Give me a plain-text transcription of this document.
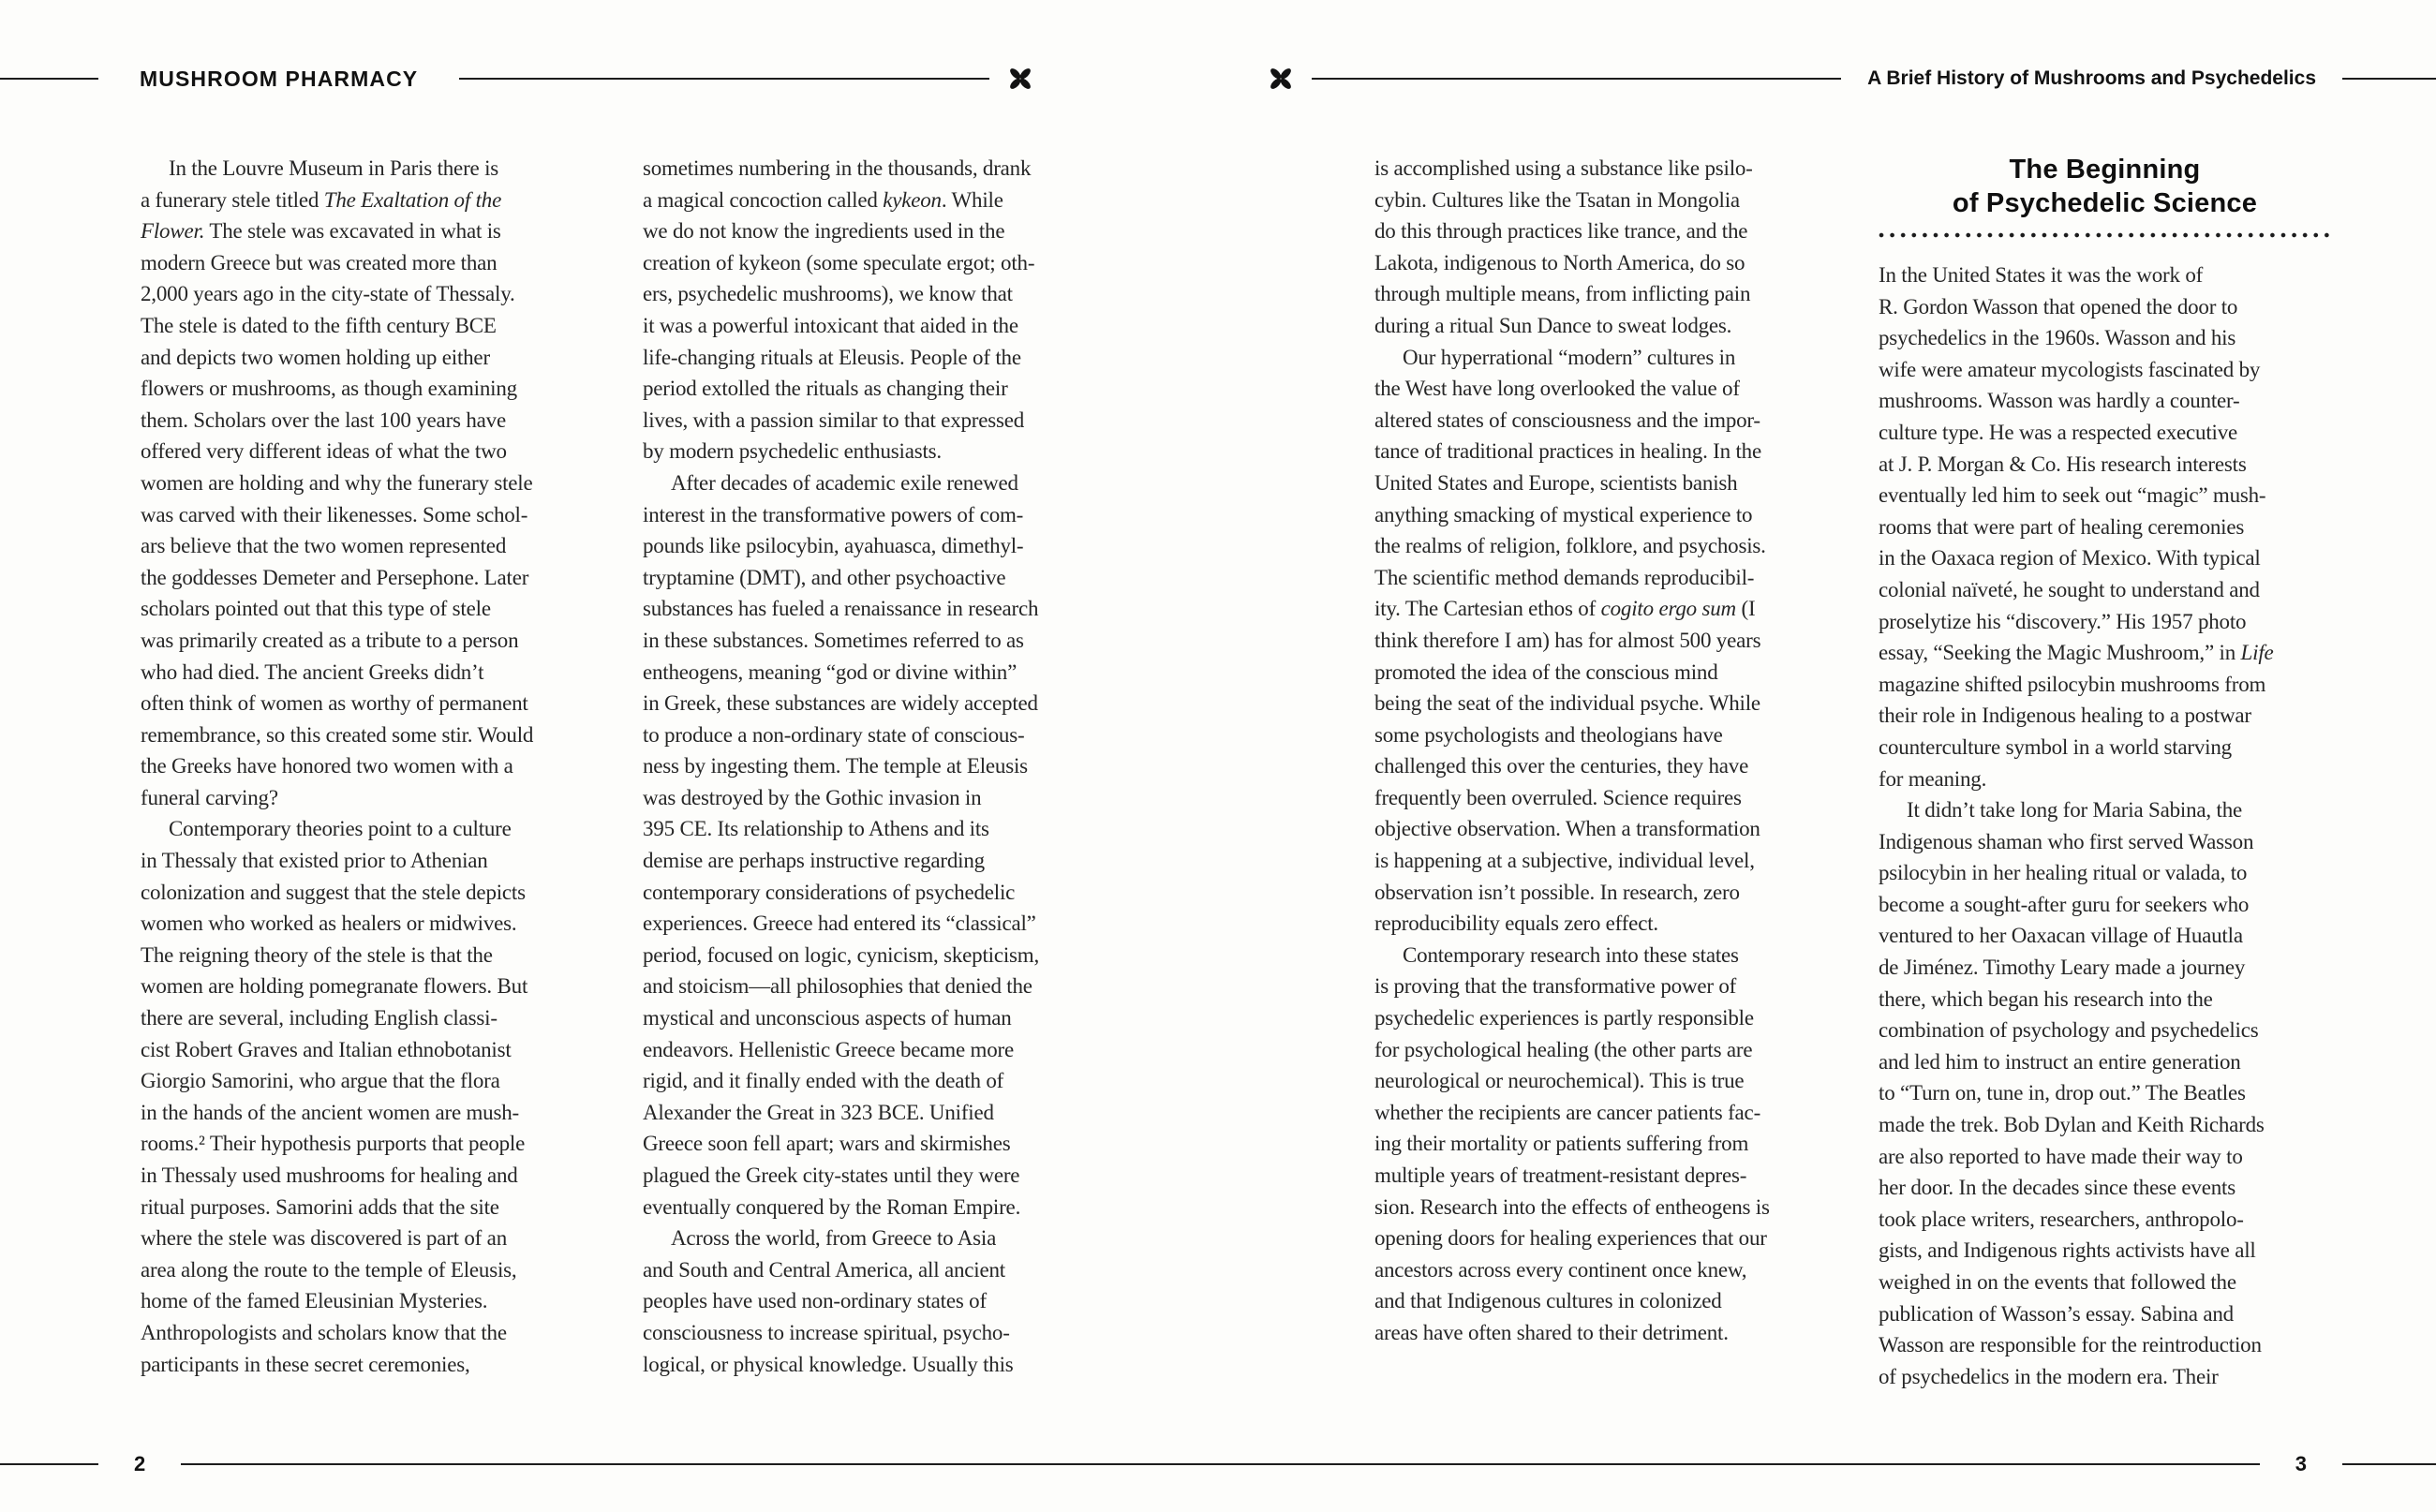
MUSHROOM PHARMACY	A Brief History of Mushrooms and Psychedelics
In the Louvre Museum in Paris there is
a funerary stele titled The Exaltation of the
Flower. The stele was excavated in what is
modern Greece but was created more than
2,000 years ago in the city-state of Thessaly.
The stele is dated to the fifth century BCE
and depicts two women holding up either
flowers or mushrooms, as though examining
them. Scholars over the last 100 years have
offered very different ideas of what the two
women are holding and why the funerary stele
was carved with their likenesses. Some schol-
ars believe that the two women represented
the goddesses Demeter and Persephone. Later
scholars pointed out that this type of stele
was primarily created as a tribute to a person
who had died. The ancient Greeks didn’t
often think of women as worthy of permanent
remembrance, so this created some stir. Would
the Greeks have honored two women with a
funeral carving?
Contemporary theories point to a culture
in Thessaly that existed prior to Athenian
colonization and suggest that the stele depicts
women who worked as healers or midwives.
The reigning theory of the stele is that the
women are holding pomegranate flowers. But
there are several, including English classi-
cist Robert Graves and Italian ethnobotanist
Giorgio Samorini, who argue that the flora
in the hands of the ancient women are mush-
rooms.² Their hypothesis purports that people
in Thessaly used mushrooms for healing and
ritual purposes. Samorini adds that the site
where the stele was discovered is part of an
area along the route to the temple of Eleusis,
home of the famed Eleusinian Mysteries.
Anthropologists and scholars know that the
participants in these secret ceremonies,
sometimes numbering in the thousands, drank
a magical concoction called kykeon. While
we do not know the ingredients used in the
creation of kykeon (some speculate ergot; oth-
ers, psychedelic mushrooms), we know that
it was a powerful intoxicant that aided in the
life-changing rituals at Eleusis. People of the
period extolled the rituals as changing their
lives, with a passion similar to that expressed
by modern psychedelic enthusiasts.
After decades of academic exile renewed
interest in the transformative powers of com-
pounds like psilocybin, ayahuasca, dimethyl-
tryptamine (DMT), and other psychoactive
substances has fueled a renaissance in research
in these substances. Sometimes referred to as
entheogens, meaning “god or divine within”
in Greek, these substances are widely accepted
to produce a non-ordinary state of conscious-
ness by ingesting them. The temple at Eleusis
was destroyed by the Gothic invasion in
395 CE. Its relationship to Athens and its
demise are perhaps instructive regarding
contemporary considerations of psychedelic
experiences. Greece had entered its “classical”
period, focused on logic, cynicism, skepticism,
and stoicism—all philosophies that denied the
mystical and unconscious aspects of human
endeavors. Hellenistic Greece became more
rigid, and it finally ended with the death of
Alexander the Great in 323 BCE. Unified
Greece soon fell apart; wars and skirmishes
plagued the Greek city-states until they were
eventually conquered by the Roman Empire.
Across the world, from Greece to Asia
and South and Central America, all ancient
peoples have used non-ordinary states of
consciousness to increase spiritual, psycho-
logical, or physical knowledge. Usually this
is accomplished using a substance like psilo-
cybin. Cultures like the Tsatan in Mongolia
do this through practices like trance, and the
Lakota, indigenous to North America, do so
through multiple means, from inflicting pain
during a ritual Sun Dance to sweat lodges.
Our hyperrational “modern” cultures in
the West have long overlooked the value of
altered states of consciousness and the impor-
tance of traditional practices in healing. In the
United States and Europe, scientists banish
anything smacking of mystical experience to
the realms of religion, folklore, and psychosis.
The scientific method demands reproducibil-
ity. The Cartesian ethos of cogito ergo sum (I
think therefore I am) has for almost 500 years
promoted the idea of the conscious mind
being the seat of the individual psyche. While
some psychologists and theologians have
challenged this over the centuries, they have
frequently been overruled. Science requires
objective observation. When a transformation
is happening at a subjective, individual level,
observation isn’t possible. In research, zero
reproducibility equals zero effect.
Contemporary research into these states
is proving that the transformative power of
psychedelic experiences is partly responsible
for psychological healing (the other parts are
neurological or neurochemical). This is true
whether the recipients are cancer patients fac-
ing their mortality or patients suffering from
multiple years of treatment-resistant depres-
sion. Research into the effects of entheogens is
opening doors for healing experiences that our
ancestors across every continent once knew,
and that Indigenous cultures in colonized
areas have often shared to their detriment.
The Beginning
of Psychedelic Science
In the United States it was the work of
R. Gordon Wasson that opened the door to
psychedelics in the 1960s. Wasson and his
wife were amateur mycologists fascinated by
mushrooms. Wasson was hardly a counter-
culture type. He was a respected executive
at J. P. Morgan & Co. His research interests
eventually led him to seek out “magic” mush-
rooms that were part of healing ceremonies
in the Oaxaca region of Mexico. With typical
colonial naïveté, he sought to understand and
proselytize his “discovery.” His 1957 photo
essay, “Seeking the Magic Mushroom,” in Life
magazine shifted psilocybin mushrooms from
their role in Indigenous healing to a postwar
counterculture symbol in a world starving
for meaning.
It didn’t take long for Maria Sabina, the
Indigenous shaman who first served Wasson
psilocybin in her healing ritual or valada, to
become a sought-after guru for seekers who
ventured to her Oaxacan village of Huautla
de Jiménez. Timothy Leary made a journey
there, which began his research into the
combination of psychology and psychedelics
and led him to instruct an entire generation
to “Turn on, tune in, drop out.” The Beatles
made the trek. Bob Dylan and Keith Richards
are also reported to have made their way to
her door. In the decades since these events
took place writers, researchers, anthropolo-
gists, and Indigenous rights activists have all
weighed in on the events that followed the
publication of Wasson’s essay. Sabina and
Wasson are responsible for the reintroduction
of psychedelics in the modern era. Their
2	3
